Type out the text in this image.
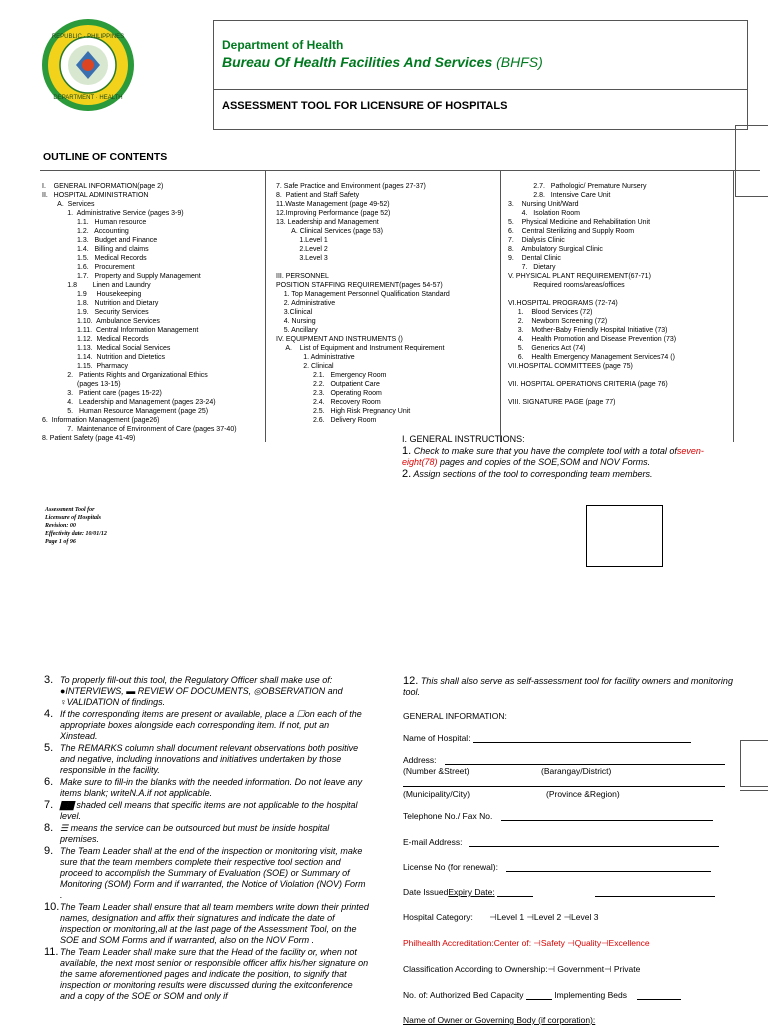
REPUBLIC · PHILIPPINES
DEPARTMENT · HEALTH
Department of Health
Bureau Of Health Facilities And Services (BHFS)
ASSESSMENT TOOL FOR LICENSURE OF HOSPITALS
OUTLINE OF CONTENTS
I.    GENERAL INFORMATION(page 2)
II.   HOSPITAL ADMINISTRATION
A.  Services
1.  Administrative Service (pages 3-9)
1.1.   Human resource
1.2.   Accounting
1.3.   Budget and Finance
1.4.   Billing and claims
1.5.   Medical Records
1.6.   Procurement
1.7.   Property and Supply Management
1.8        Linen and Laundry
1.9     Housekeeping
1.8.   Nutrition and Dietary
1.9.   Security Services
1.10.  Ambulance Services
1.11.  Central Information Management
1.12.  Medical Records
1.13.  Medical Social Services
1.14.  Nutrition and Dietetics
1.15.  Pharmacy
2.   Patients Rights and Organizational Ethics
(pages 13-15)
3.   Patient care (pages 15-22)
4.   Leadership and Management (pages 23-24)
5.   Human Resource Management (page 25)
6.  Information Management (page26)
7.  Maintenance of Environment of Care (pages 37-40)
8. Patient Safety (page 41-49)
7. Safe Practice and Environment (pages 27-37)
8.  Patient and Staff Safety
11.Waste Management (page 49-52)
12.Improving Performance (page 52)
13. Leadership and Management
A. Clinical Services (page 53)
1.Level 1
2.Level 2
3.Level 3
III. PERSONNEL
POSITION STAFFING REQUIREMENT(pages 54-57)
1. Top Management Personnel Qualification Standard
2. Administrative
3.Clinical
4. Nursing
5. Ancillary
IV. EQUIPMENT AND INSTRUMENTS ()
A.    List of Equipment and Instrument Requirement
1. Administrative
2. Clinical
2.1.   Emergency Room
2.2.   Outpatient Care
2.3.   Operating Room
2.4.   Recovery Room
2.5.   High Risk Pregnancy Unit
2.6.   Delivery Room
2.7.   Pathologic/ Premature Nursery
2.8.   Intensive Care Unit
3.    Nursing Unit/Ward
4.   Isolation Room
5.    Physical Medicine and Rehabilitation Unit
6.    Central Sterilizing and Supply Room
7.    Dialysis Clinic
8.    Ambulatory Surgical Clinic
9.    Dental Clinic
7.   Dietary
V. PHYSICAL PLANT REQUIREMENT(67-71)
Required rooms/areas/offices
VI.HOSPITAL PROGRAMS (72-74)
1.    Blood Services (72)
2.    Newborn Screening (72)
3.    Mother-Baby Friendly Hospital Initiative (73)
4.    Health Promotion and Disease Prevention (73)
5.    Generics Act (74)
6.    Health Emergency Management Services74 ()
VII.HOSPITAL COMMITTEES (page 75)
VII. HOSPITAL OPERATIONS CRITERIA (page 76)
VIII. SIGNATURE PAGE (page 77)
I. GENERAL INSTRUCTIONS:
1. Check to make sure that you have the complete tool with a total ofseven-eight(78) pages and copies of the SOE,SOM and NOV Forms.
2. Assign sections of the tool to corresponding team members.
Assessment Tool for
Licensure of Hospitals
Revision: 00
Effectivity date: 10/01/12
Page 1 of 96
3. To properly fill-out this tool, the Regulatory Officer shall make use of: ●INTERVIEWS, ▬ REVIEW OF DOCUMENTS, ◎OBSERVATION and ♀VALIDATION of findings.
4. If the corresponding items are present or available, place a ☐on each of the appropriate boxes alongside each corresponding item. If not, put an Xinstead.
5. The REMARKS column shall document relevant observations both positive and negative, including innovations and initiatives undertaken by those responsible in the facility.
6. Make sure to fill-in the blanks with the needed information. Do not leave any items blank; writeN.A.if not applicable.
7. ▇▇ shaded cell means that specific items are not applicable to the hospital level.
8. ☰ means the service can be outsourced but must be inside hospital premises.
9. The Team Leader shall at the end of the inspection or monitoring visit, make sure that the team members complete their respective tool section and proceed to accomplish the Summary of Evaluation (SOE) or Summary of Monitoring (SOM) Form and if warranted, the Notice of Violation (NOV) Form .
10. The Team Leader shall ensure that all team members write down their printed names, designation and affix their signatures and indicate the date of inspection or monitoring,all at the last page of the Assessment Tool, on the SOE and SOM Forms and if warranted, also on the NOV Form .
11. The Team Leader shall make sure that the Head of the facility or, when not available, the next most senior or responsible officer affix his/her signature on the same aforementioned pages and indicate the position, to signify that inspection or monitoring results were discussed during the exitconference and a copy of the SOE or SOM and only if
12. This shall also serve as self-assessment tool for facility owners and monitoring tool.
GENERAL INFORMATION:
Name of Hospital:
Address:
(Number &Street)	(Barangay/District)
(Municipality/City)	(Province &Region)
Telephone No./ Fax No.
E-mail Address:
License No (for renewal):
Date IssuedExpiry Date:
Hospital Category: ⊣Level 1 ⊣Level 2 ⊣Level 3
Philhealth Accreditation:Center of: ⊣Safety ⊣Quality⊣Excellence
Classification According to Ownership:⊣ Government⊣ Private
No. of: Authorized Bed Capacity	Implementing Beds
Name of Owner or Governing Body (if corporation):
